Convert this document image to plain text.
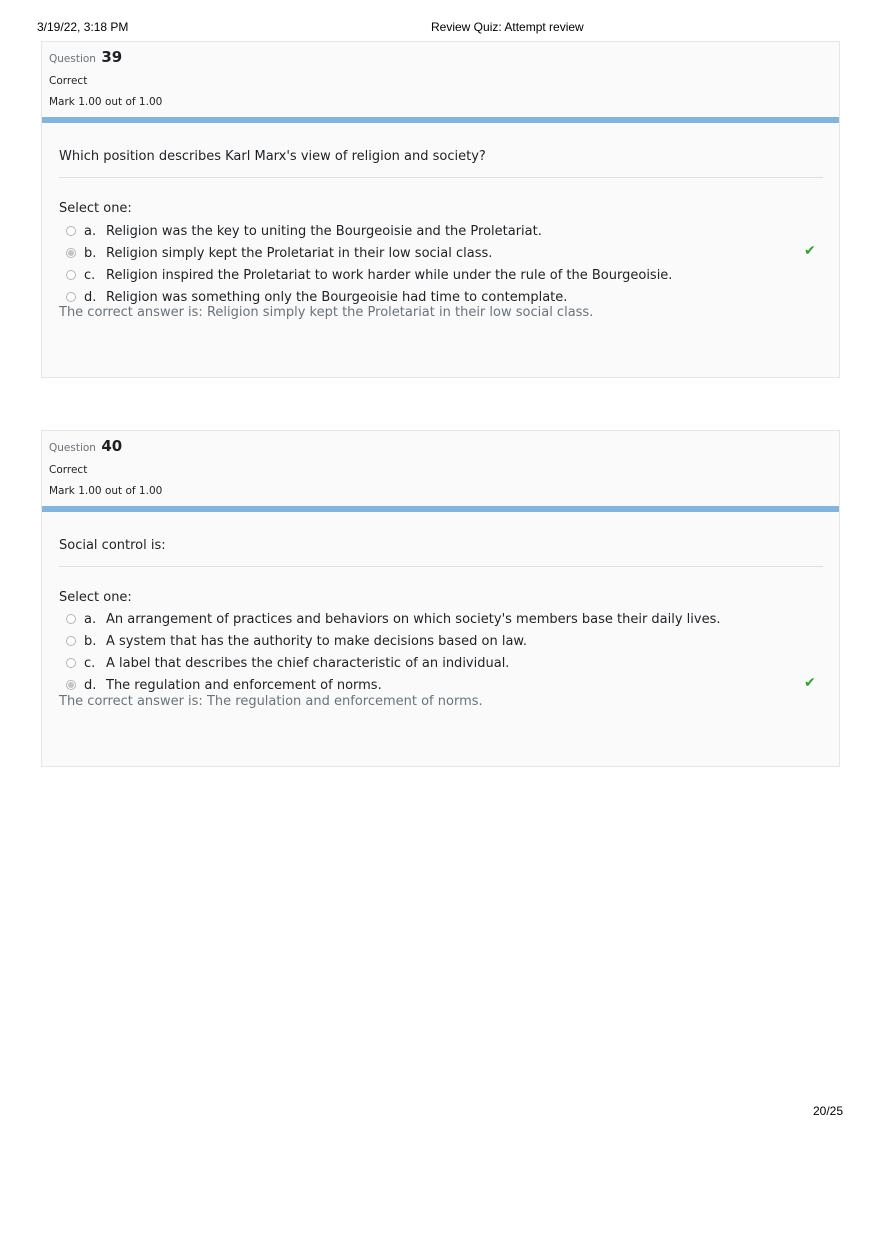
3/19/22, 3:18 PM	Review Quiz: Attempt review
Question 39
Correct
Mark 1.00 out of 1.00
Which position describes Karl Marx's view of religion and society?
Select one:
a. Religion was the key to uniting the Bourgeoisie and the Proletariat.
b. Religion simply kept the Proletariat in their low social class.	✔
c. Religion inspired the Proletariat to work harder while under the rule of the Bourgeoisie.
d. Religion was something only the Bourgeoisie had time to contemplate.
The correct answer is: Religion simply kept the Proletariat in their low social class.
Question 40
Correct
Mark 1.00 out of 1.00
Social control is:
Select one:
a. An arrangement of practices and behaviors on which society's members base their daily lives.
b. A system that has the authority to make decisions based on law.
c. A label that describes the chief characteristic of an individual.
d. The regulation and enforcement of norms.	✔
The correct answer is: The regulation and enforcement of norms.
20/25
